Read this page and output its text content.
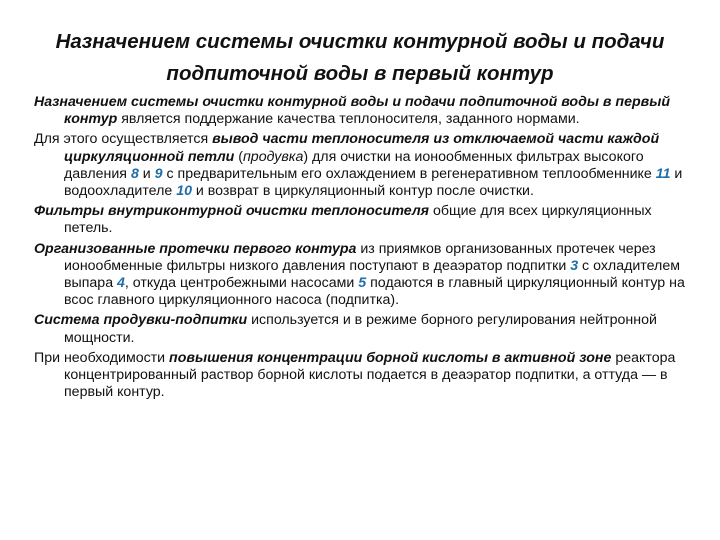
Назначением системы очистки контурной воды и подачи
подпиточной воды в первый контур

Назначением системы очистки контурной воды и подачи подпиточной воды в первый контур является поддержание качества теплоносителя, заданного нормами.

Для этого осуществляется вывод части теплоносителя из отключаемой части каждой циркуляционной петли (продувка) для очистки на ионообменных фильтрах высокого давления 8 и 9 с предварительным его охлаждением в регенеративном теплообменнике 11 и водоохладителе 10 и возврат в циркуляционный контур после очистки.

Фильтры внутриконтурной очистки теплоносителя общие для всех циркуляционных петель.

Организованные протечки первого контура из приямков организованных протечек через ионообменные фильтры низкого давления поступают в деаэратор подпитки 3 с охладителем выпара 4, откуда центробежными насосами 5 подаются в главный циркуляционный контур на всос главного циркуляционного насоса (подпитка).

Система продувки-подпитки используется и в режиме борного регулирования нейтронной мощности.

При необходимости повышения концентрации борной кислоты в активной зоне реактора концентрированный раствор борной кислоты подается в деаэратор подпитки, а оттуда — в первый контур.
